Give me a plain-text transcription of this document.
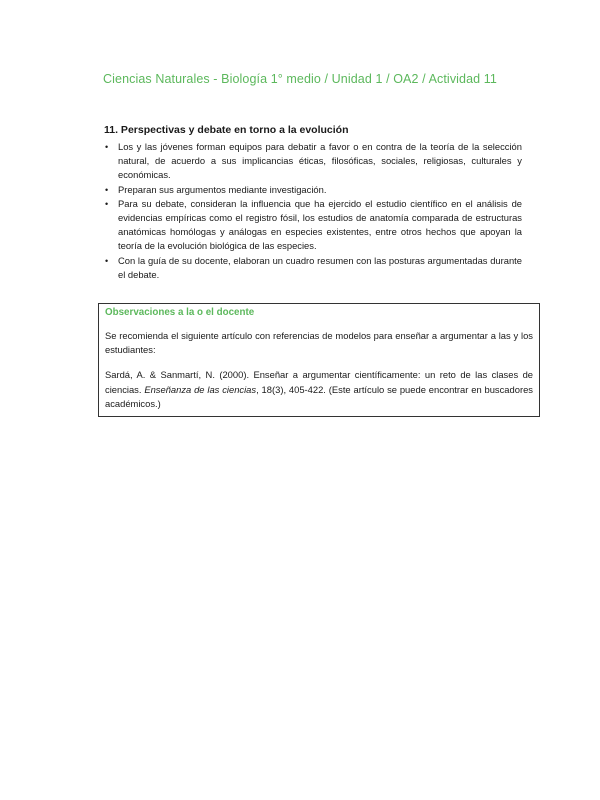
Ciencias Naturales - Biología 1° medio / Unidad 1 / OA2 / Actividad 11

11. Perspectivas y debate en torno a la evolución

• Los y las jóvenes forman equipos para debatir a favor o en contra de la teoría de la selección natural, de acuerdo a sus implicancias éticas, filosóficas, sociales, religiosas, culturales y económicas.
• Preparan sus argumentos mediante investigación.
• Para su debate, consideran la influencia que ha ejercido el estudio científico en el análisis de evidencias empíricas como el registro fósil, los estudios de anatomía comparada de estructuras anatómicas homólogas y análogas en especies existentes, entre otros hechos que apoyan la teoría de la evolución biológica de las especies.
• Con la guía de su docente, elaboran un cuadro resumen con las posturas argumentadas durante el debate.

Observaciones a la o el docente

Se recomienda el siguiente artículo con referencias de modelos para enseñar a argumentar a las y los estudiantes:

Sardá, A. & Sanmartí, N. (2000). Enseñar a argumentar científicamente: un reto de las clases de ciencias. Enseñanza de las ciencias, 18(3), 405-422. (Este artículo se puede encontrar en buscadores académicos.)
